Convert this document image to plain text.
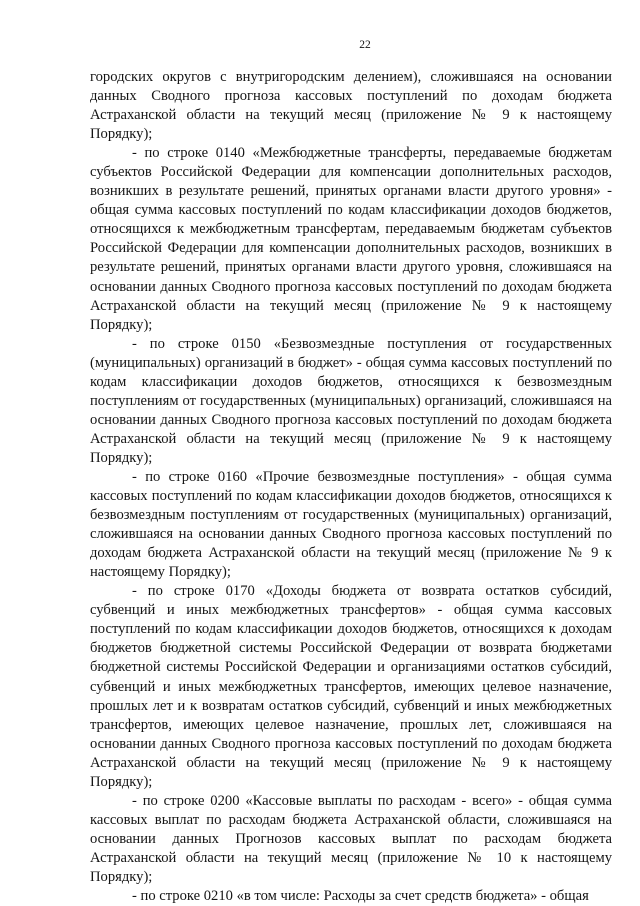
22

городских округов с внутригородским делением), сложившаяся на основании данных Сводного прогноза кассовых поступлений по доходам бюджета Астраханской области на текущий месяц (приложение № 9 к настоящему Порядку);

- по строке 0140 «Межбюджетные трансферты, передаваемые бюджетам субъектов Российской Федерации для компенсации дополнительных расходов, возникших в результате решений, принятых органами власти другого уровня» - общая сумма кассовых поступлений по кодам классификации доходов бюджетов, относящихся к межбюджетным трансфертам, передаваемым бюджетам субъектов Российской Федерации для компенсации дополнительных расходов, возникших в результате решений, принятых органами власти другого уровня, сложившаяся на основании данных Сводного прогноза кассовых поступлений по доходам бюджета Астраханской области на текущий месяц (приложение № 9 к настоящему Порядку);

- по строке 0150 «Безвозмездные поступления от государственных (муниципальных) организаций в бюджет» - общая сумма кассовых поступлений по кодам классификации доходов бюджетов, относящихся к безвозмездным поступлениям от государственных (муниципальных) организаций, сложившаяся на основании данных Сводного прогноза кассовых поступлений по доходам бюджета Астраханской области на текущий месяц (приложение № 9 к настоящему Порядку);

- по строке 0160 «Прочие безвозмездные поступления» - общая сумма кассовых поступлений по кодам классификации доходов бюджетов, относящихся к безвозмездным поступлениям от государственных (муниципальных) организаций, сложившаяся на основании данных Сводного прогноза кассовых поступлений по доходам бюджета Астраханской области на текущий месяц (приложение № 9 к настоящему Порядку);

- по строке 0170 «Доходы бюджета от возврата остатков субсидий, субвенций и иных межбюджетных трансфертов» - общая сумма кассовых поступлений по кодам классификации доходов бюджетов, относящихся к доходам бюджетов бюджетной системы Российской Федерации от возврата бюджетами бюджетной системы Российской Федерации и организациями остатков субсидий, субвенций и иных межбюджетных трансфертов, имеющих целевое назначение, прошлых лет и к возвратам остатков субсидий, субвенций и иных межбюджетных трансфертов, имеющих целевое назначение, прошлых лет, сложившаяся на основании данных Сводного прогноза кассовых поступлений по доходам бюджета Астраханской области на текущий месяц (приложение № 9 к настоящему Порядку);

- по строке 0200 «Кассовые выплаты по расходам - всего» - общая сумма кассовых выплат по расходам бюджета Астраханской области, сложившаяся на основании данных Прогнозов кассовых выплат по расходам бюджета Астраханской области на текущий месяц (приложение № 10 к настоящему Порядку);

- по строке 0210 «в том числе: Расходы за счет средств бюджета» - общая
